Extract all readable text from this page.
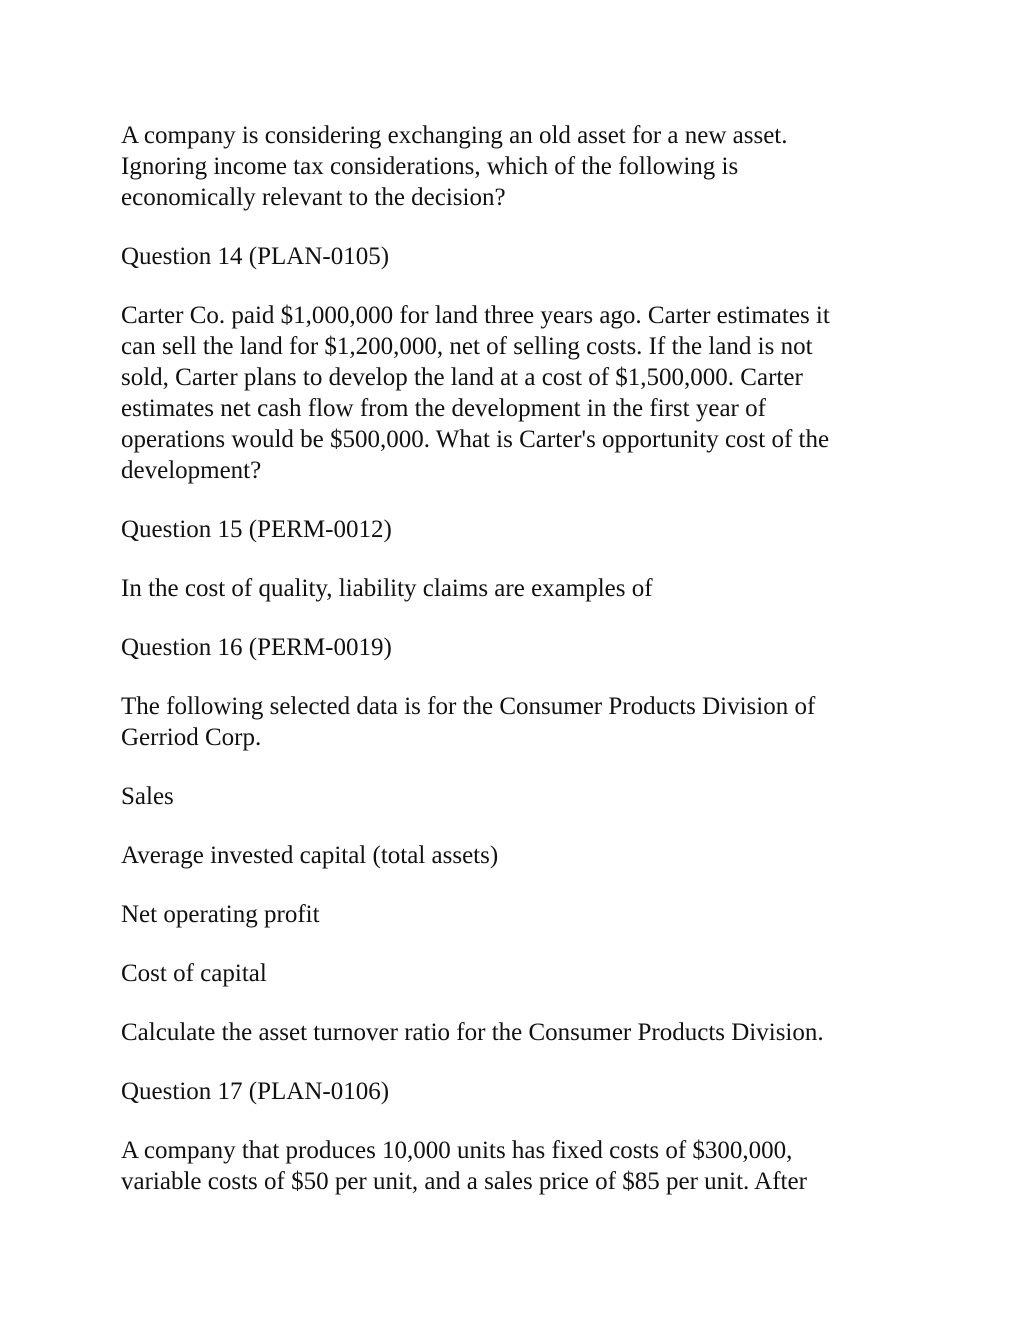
A company is considering exchanging an old asset for a new asset.
Ignoring income tax considerations, which of the following is
economically relevant to the decision?
Question 14 (PLAN-0105)
Carter Co. paid $1,000,000 for land three years ago. Carter estimates it
can sell the land for $1,200,000, net of selling costs. If the land is not
sold, Carter plans to develop the land at a cost of $1,500,000. Carter
estimates net cash flow from the development in the first year of
operations would be $500,000. What is Carter's opportunity cost of the
development?
Question 15 (PERM-0012)
In the cost of quality, liability claims are examples of
Question 16 (PERM-0019)
The following selected data is for the Consumer Products Division of
Gerriod Corp.
Sales
Average invested capital (total assets)
Net operating profit
Cost of capital
Calculate the asset turnover ratio for the Consumer Products Division.
Question 17 (PLAN-0106)
A company that produces 10,000 units has fixed costs of $300,000,
variable costs of $50 per unit, and a sales price of $85 per unit. After
